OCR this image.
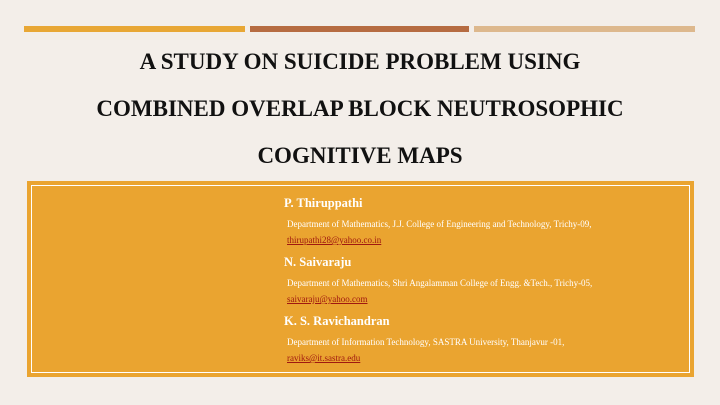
A STUDY ON SUICIDE PROBLEM USING
COMBINED OVERLAP BLOCK NEUTROSOPHIC
COGNITIVE MAPS
P. Thiruppathi
Department of Mathematics, J.J. College of Engineering and Technology, Trichy-09,
thirupathi28@yahoo.co.in
N. Saivaraju
Department of Mathematics, Shri Angalamman College of Engg. &Tech., Trichy-05,
saivaraju@yahoo.com
K. S. Ravichandran
Department of Information Technology, SASTRA University, Thanjavur -01,
raviks@it.sastra.edu
